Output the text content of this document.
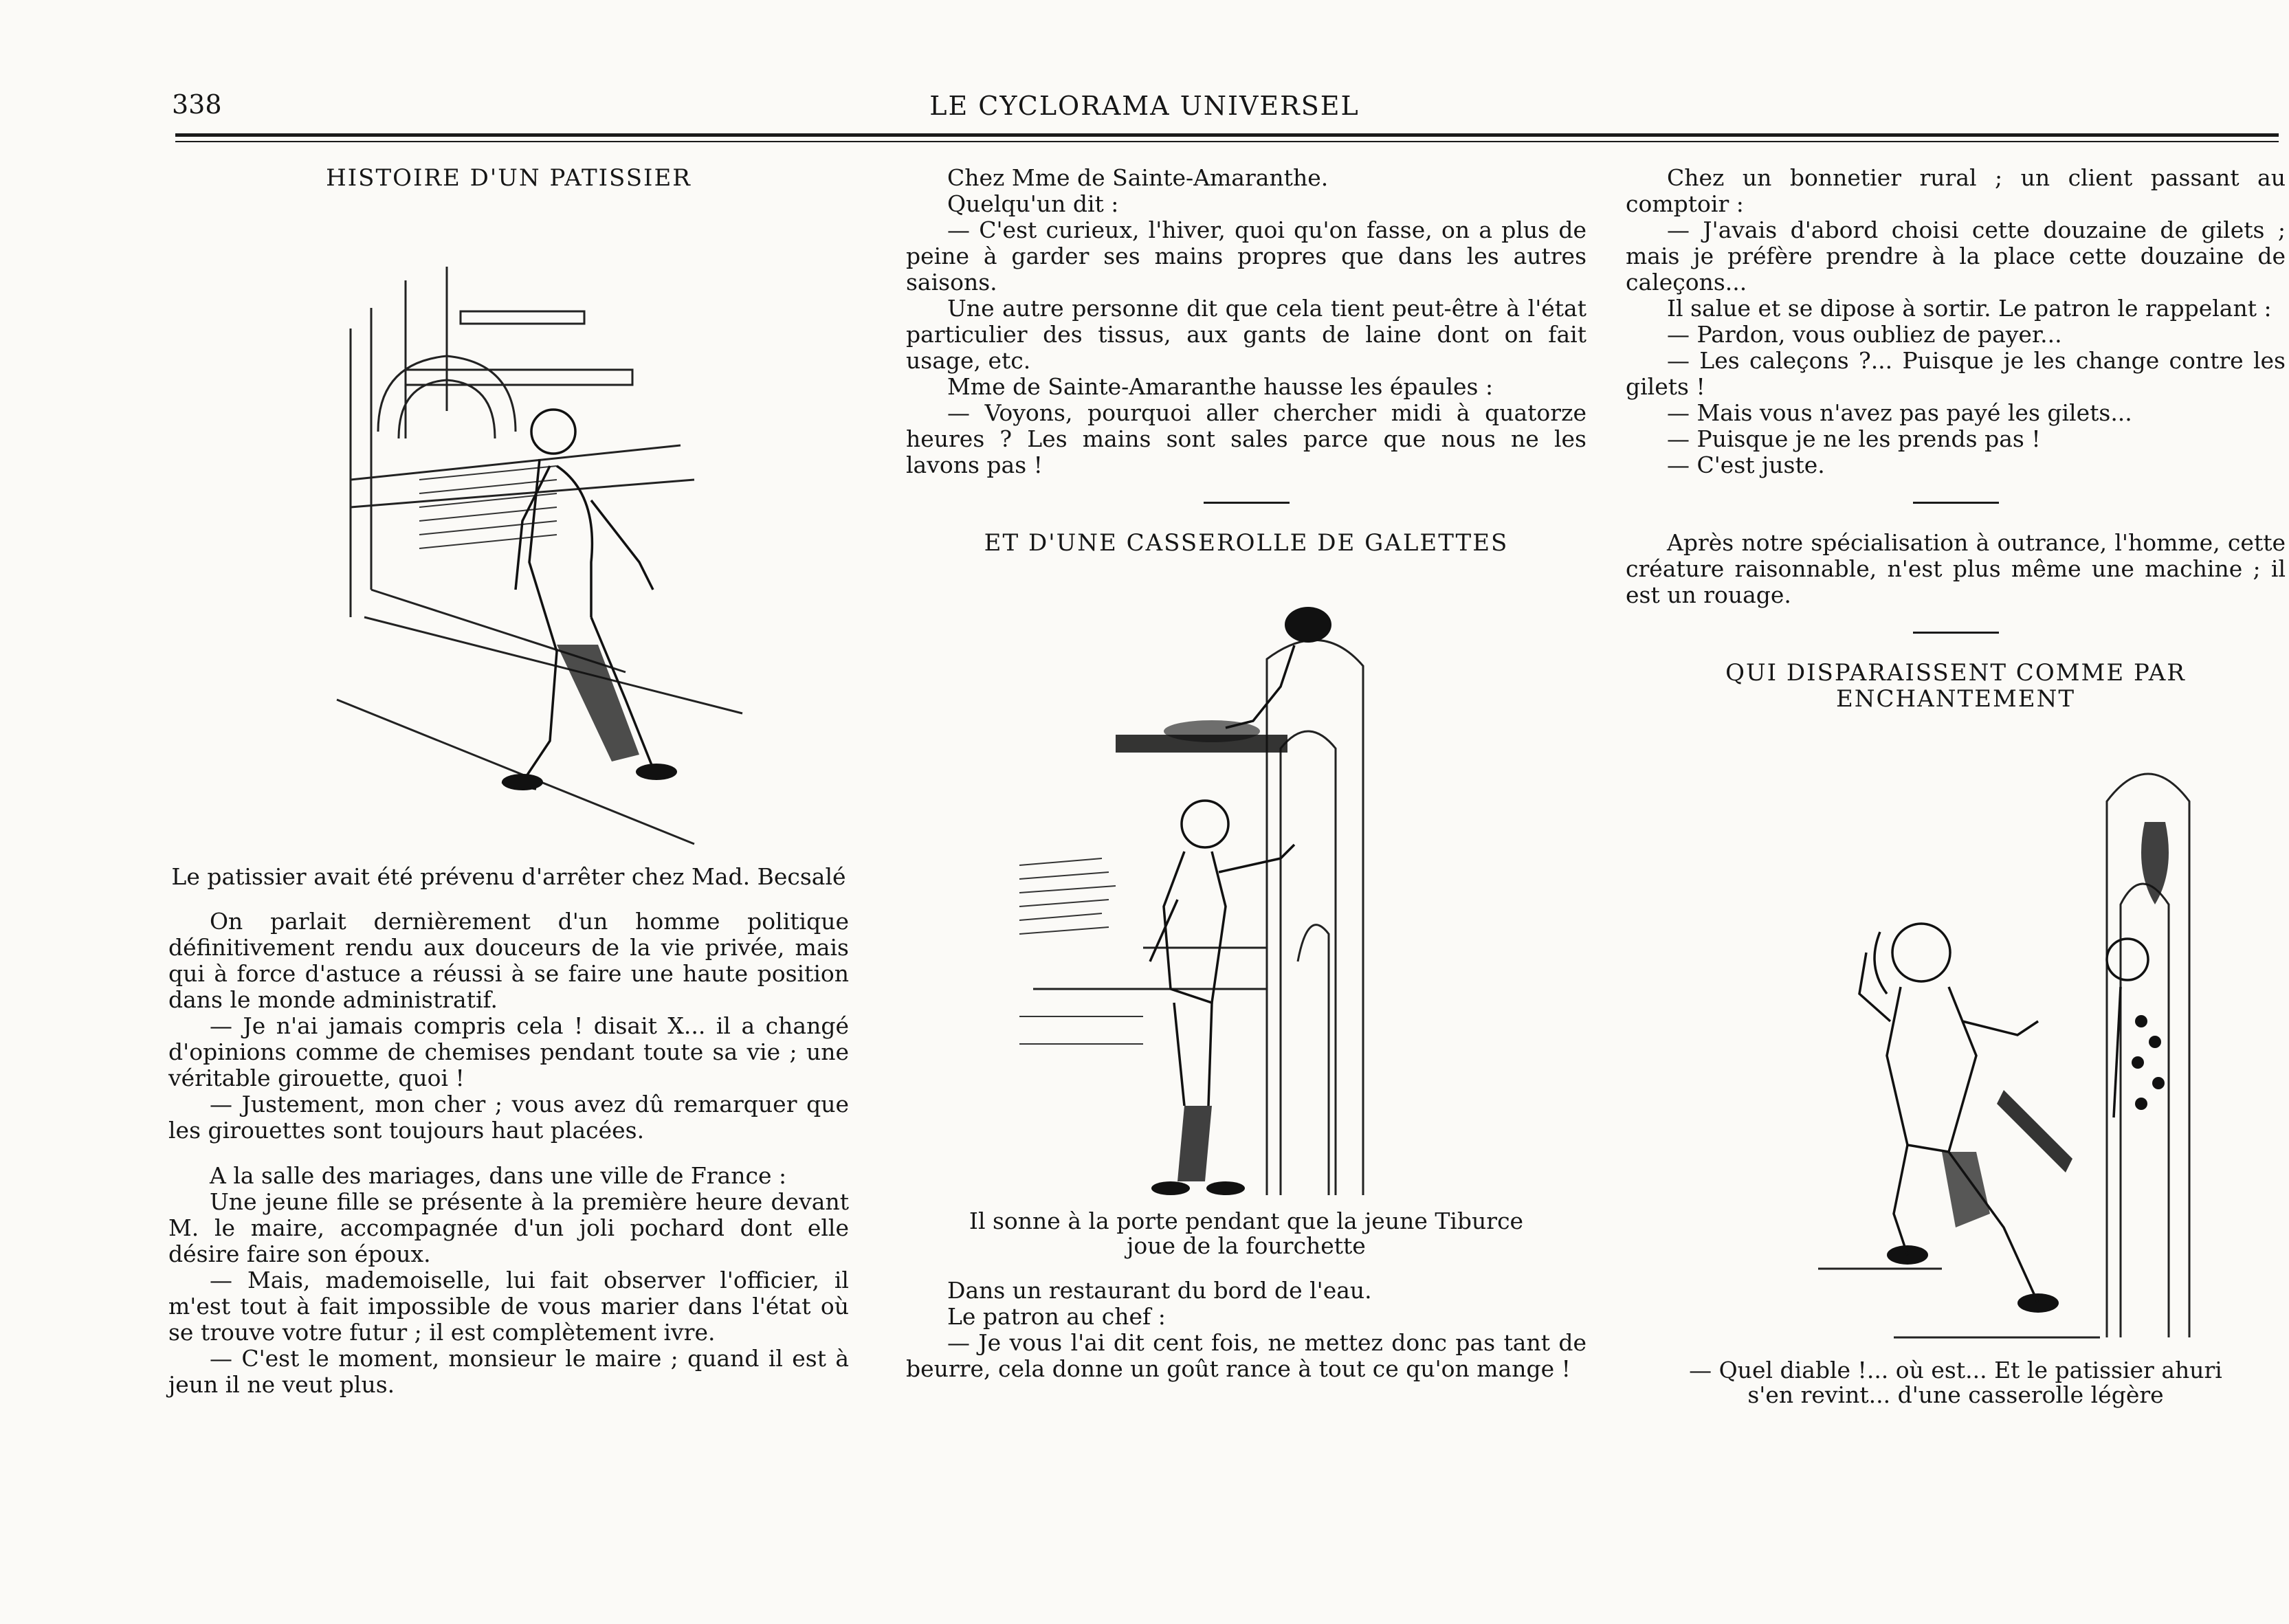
338	LE CYCLORAMA UNIVERSEL

HISTOIRE D'UN PATISSIER

Le patissier avait été prévenu d'arrêter chez Mad. Becsalé

On parlait dernièrement d'un homme politique définitivement rendu aux douceurs de la vie privée, mais qui à force d'astuce a réussi à se faire une haute position dans le monde administratif.

— Je n'ai jamais compris cela ! disait X... il a changé d'opinions comme de chemises pendant toute sa vie ; une véritable girouette, quoi !

— Justement, mon cher ; vous avez dû remarquer que les girouettes sont toujours haut placées.

A la salle des mariages, dans une ville de France :

Une jeune fille se présente à la première heure devant M. le maire, accompagnée d'un joli pochard dont elle désire faire son époux.

— Mais, mademoiselle, lui fait observer l'officier, il m'est tout à fait impossible de vous marier dans l'état où se trouve votre futur ; il est complètement ivre.

— C'est le moment, monsieur le maire ; quand il est à jeun il ne veut plus.

Chez Mme de Sainte-Amaranthe.

Quelqu'un dit :

— C'est curieux, l'hiver, quoi qu'on fasse, on a plus de peine à garder ses mains propres que dans les autres saisons.

Une autre personne dit que cela tient peut-être à l'état particulier des tissus, aux gants de laine dont on fait usage, etc.

Mme de Sainte-Amaranthe hausse les épaules :

— Voyons, pourquoi aller chercher midi à quatorze heures ? Les mains sont sales parce que nous ne les lavons pas !

ET D'UNE CASSEROLLE DE GALETTES

Il sonne à la porte pendant que la jeune Tiburce joue de la fourchette

Dans un restaurant du bord de l'eau.

Le patron au chef :

— Je vous l'ai dit cent fois, ne mettez donc pas tant de beurre, cela donne un goût rance à tout ce qu'on mange !

Chez un bonnetier rural ; un client passant au comptoir :

— J'avais d'abord choisi cette douzaine de gilets ; mais je préfère prendre à la place cette douzaine de caleçons...

Il salue et se dipose à sortir. Le patron le rappelant :

— Pardon, vous oubliez de payer...

— Les caleçons ?... Puisque je les change contre les gilets !

— Mais vous n'avez pas payé les gilets...

— Puisque je ne les prends pas !

— C'est juste.

Après notre spécialisation à outrance, l'homme, cette créature raisonnable, n'est plus même une machine ; il est un rouage.

QUI DISPARAISSENT COMME PAR ENCHANTEMENT

— Quel diable !... où est... Et le patissier ahuri s'en revint... d'une casserolle légère
